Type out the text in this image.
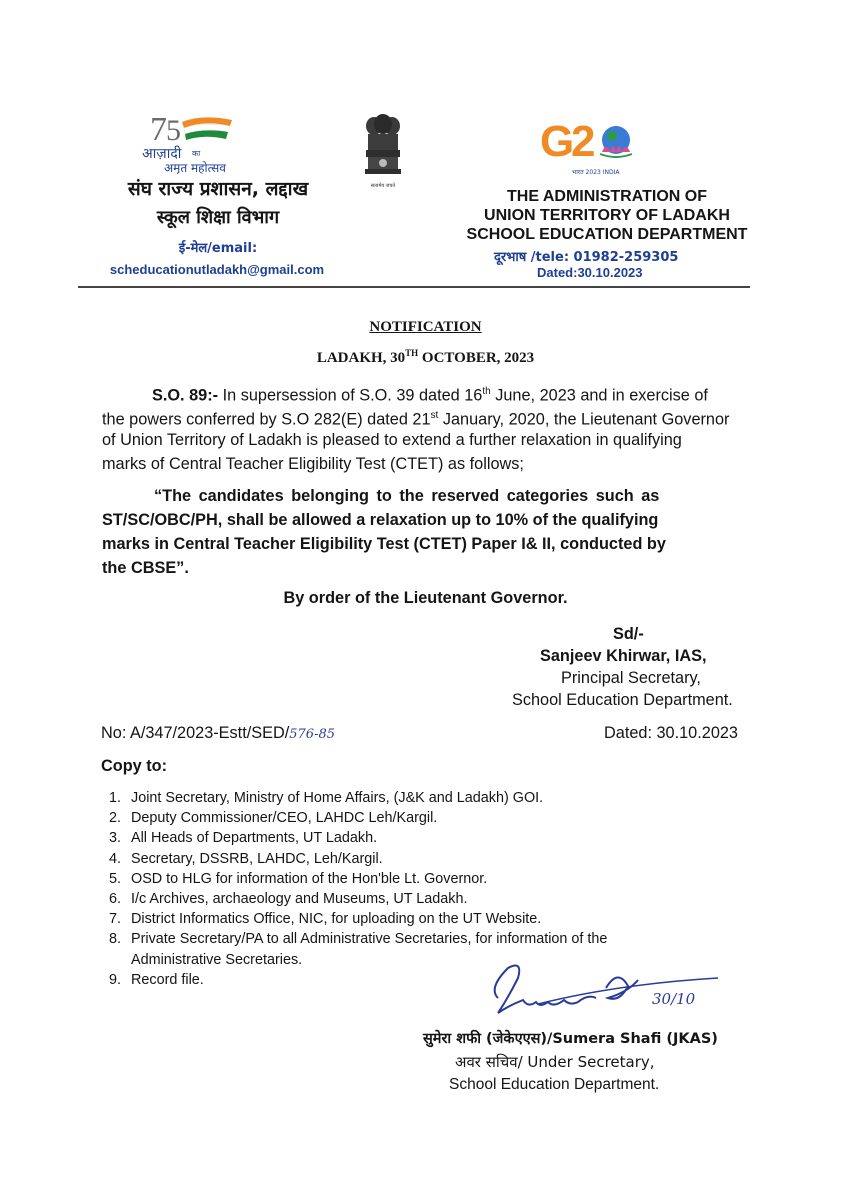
7 5
आज़ादी का
अमृत महोत्सव
संघ राज्य प्रशासन, लद्दाख
स्कूल शिक्षा विभाग
ई-मेल/email:
scheducationutladakh@gmail.com
सत्यमेव जयते
G
2
भारत 2023 INDIA
THE ADMINISTRATION OF
UNION TERRITORY OF LADAKH
SCHOOL EDUCATION DEPARTMENT
दूरभाष /tele: 01982-259305
Dated:30.10.2023
NOTIFICATION
LADAKH, 30TH OCTOBER, 2023
S.O. 89:- In supersession of S.O. 39 dated 16th June, 2023 and in exercise of
the powers conferred by S.O 282(E) dated 21st January, 2020, the Lieutenant Governor
of Union Territory of Ladakh is pleased to extend a further relaxation in qualifying
marks of Central Teacher Eligibility Test (CTET) as follows;
“The candidates belonging to the reserved categories such as
ST/SC/OBC/PH, shall be allowed a relaxation up to 10% of the qualifying
marks in Central Teacher Eligibility Test (CTET) Paper I& II, conducted by
the CBSE”.
By order of the Lieutenant Governor.
Sd/-
Sanjeev Khirwar, IAS,
Principal Secretary,
School Education Department.
No: A/347/2023-Estt/SED/576-85	Dated: 30.10.2023
Copy to:
1. Joint Secretary, Ministry of Home Affairs, (J&K and Ladakh) GOI.
2. Deputy Commissioner/CEO, LAHDC Leh/Kargil.
3. All Heads of Departments, UT Ladakh.
4. Secretary, DSSRB, LAHDC, Leh/Kargil.
5. OSD to HLG for information of the Hon'ble Lt. Governor.
6. I/c Archives, archaeology and Museums, UT Ladakh.
7. District Informatics Office, NIC, for uploading on the UT Website.
8. Private Secretary/PA to all Administrative Secretaries, for information of the Administrative Secretaries.
9. Record file.
30/10
सुमेरा शफी (जेकेएएस)/Sumera Shafi (JKAS)
अवर सचिव/ Under Secretary,
School Education Department.
